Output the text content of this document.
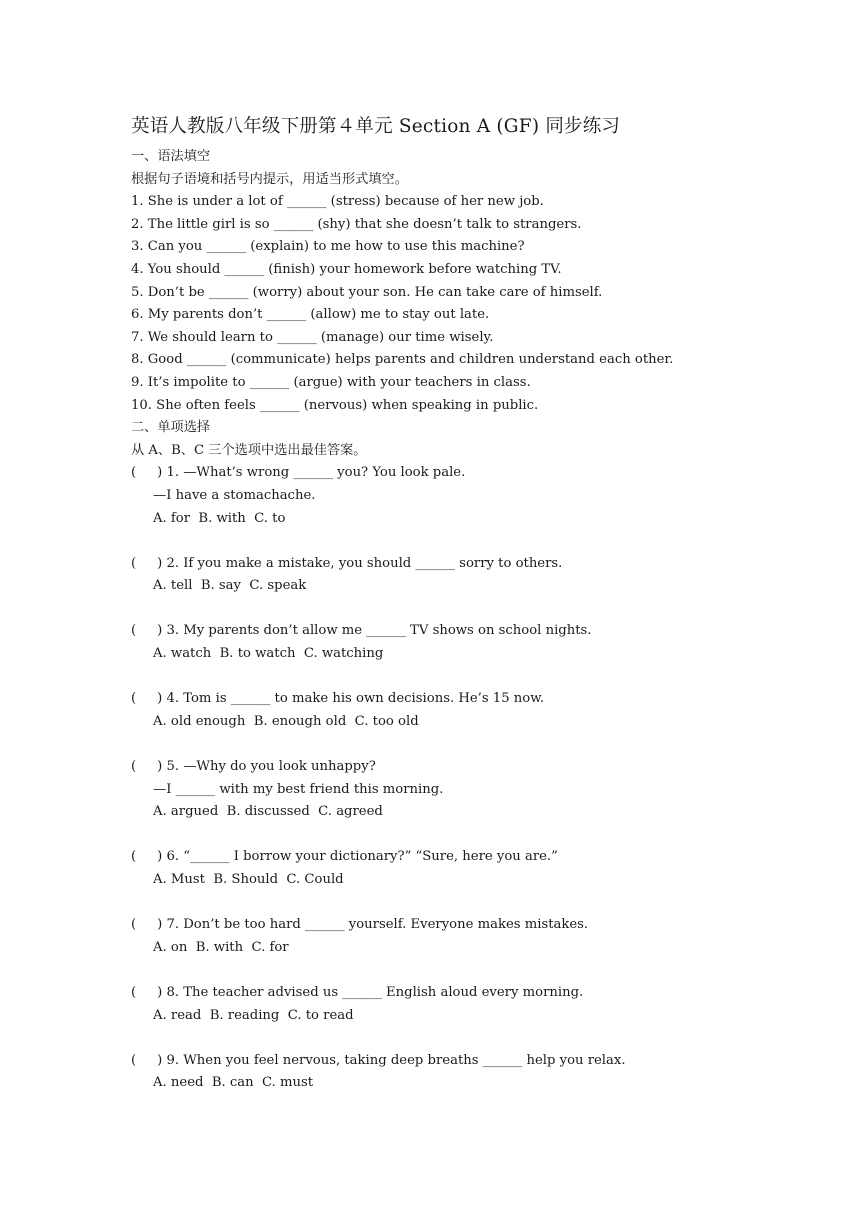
英语人教版八年级下册第４单元 Section A (GF) 同步练习
一、语法填空
根据句子语境和括号内提示，用适当形式填空。
1. She is under a lot of ______ (stress) because of her new job.
2. The little girl is so ______ (shy) that she doesn’t talk to strangers.
3. Can you ______ (explain) to me how to use this machine?
4. You should ______ (finish) your homework before watching TV.
5. Don’t be ______ (worry) about your son. He can take care of himself.
6. My parents don’t ______ (allow) me to stay out late.
7. We should learn to ______ (manage) our time wisely.
8. Good ______ (communicate) helps parents and children understand each other.
9. It’s impolite to ______ (argue) with your teachers in class.
10. She often feels ______ (nervous) when speaking in public.
二、单项选择
从 A、B、C 三个选项中选出最佳答案。
(     ) 1. —What’s wrong ______ you? You look pale.
—I have a stomachache.
A. for  B. with  C. to
(     ) 2. If you make a mistake, you should ______ sorry to others.
A. tell  B. say  C. speak
(     ) 3. My parents don’t allow me ______ TV shows on school nights.
A. watch  B. to watch  C. watching
(     ) 4. Tom is ______ to make his own decisions. He’s 15 now.
A. old enough  B. enough old  C. too old
(     ) 5. —Why do you look unhappy?
—I ______ with my best friend this morning.
A. argued  B. discussed  C. agreed
(     ) 6. “______ I borrow your dictionary?” “Sure, here you are.”
A. Must  B. Should  C. Could
(     ) 7. Don’t be too hard ______ yourself. Everyone makes mistakes.
A. on  B. with  C. for
(     ) 8. The teacher advised us ______ English aloud every morning.
A. read  B. reading  C. to read
(     ) 9. When you feel nervous, taking deep breaths ______ help you relax.
A. need  B. can  C. must
